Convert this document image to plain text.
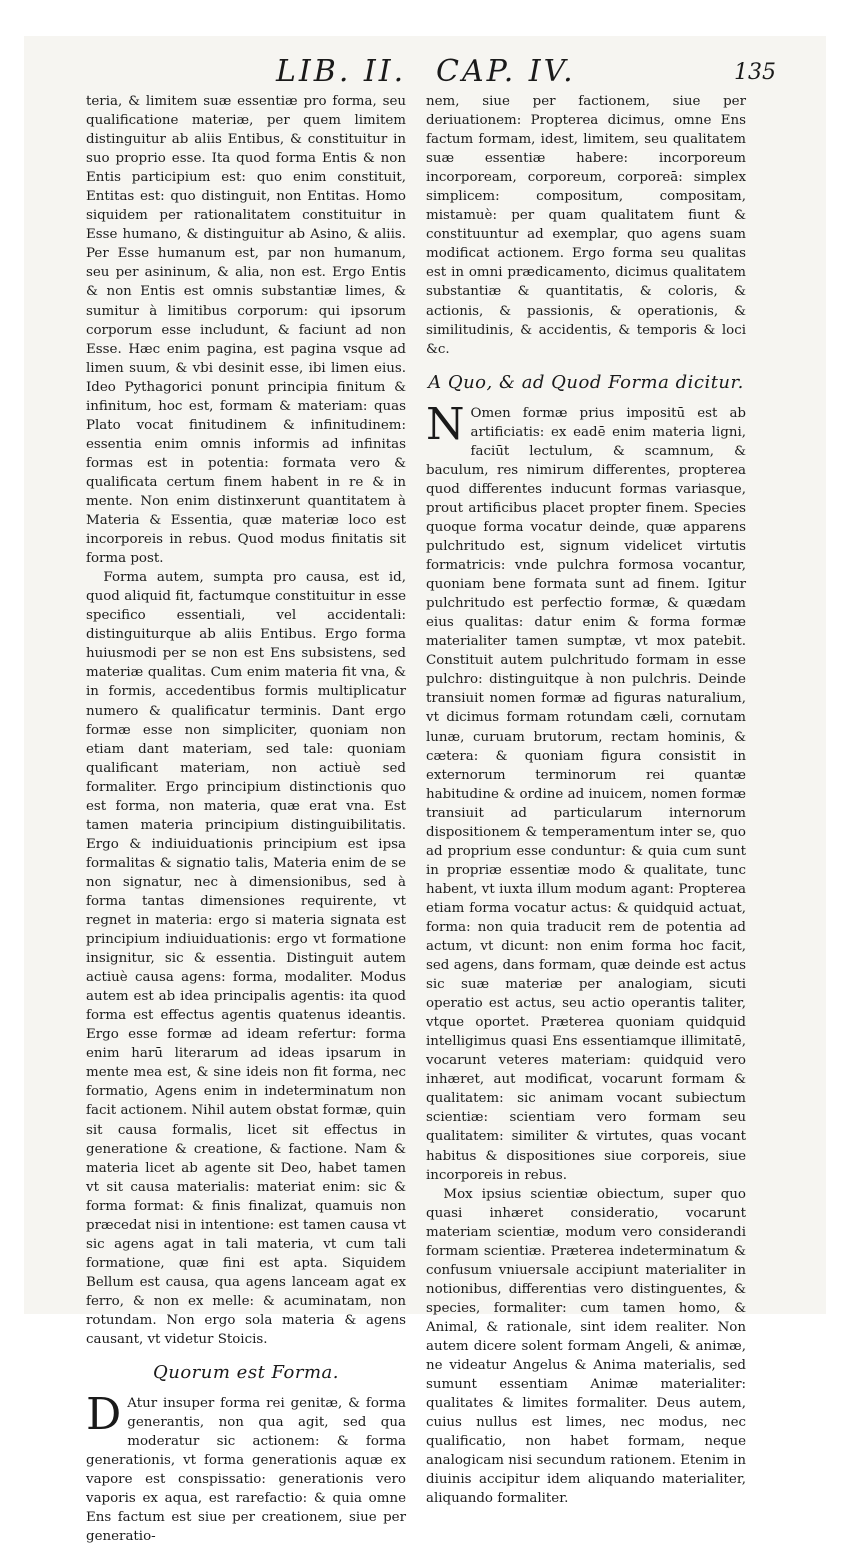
LIB. II. CAP. IV.	135

teria, & limitem suæ essentiæ pro forma, seu qualificatione materiæ, per quem limitem distinguitur ab aliis Entibus, & constituitur in suo proprio esse. Ita quod forma Entis & non Entis participium est: quo enim constituit, Entitas est: quo distinguit, non Entitas. Homo siquidem per rationalitatem constituitur in Esse humano, & distinguitur ab Asino, & aliis. Per Esse humanum est, par non humanum, seu per asininum, & alia, non est. Ergo Entis & non Entis est omnis substantiæ limes, & sumitur à limitibus corporum: qui ipsorum corporum esse includunt, & faciunt ad non Esse. Hæc enim pagina, est pagina vsque ad limen suum, & vbi desinit esse, ibi limen eius. Ideo Pythagorici ponunt principia finitum & infinitum, hoc est, formam & materiam: quas Plato vocat finitudinem & infinitudinem: essentia enim omnis informis ad infinitas formas est in potentia: formata vero & qualificata certum finem habent in re & in mente. Non enim distinxerunt quantitatem à Materia & Essentia, quæ materiæ loco est incorporeis in rebus. Quod modus finitatis sit forma post.

Forma autem, sumpta pro causa, est id, quod aliquid fit, factumque constituitur in esse specifico essentiali, vel accidentali: distinguiturque ab aliis Entibus. Ergo forma huiusmodi per se non est Ens subsistens, sed materiæ qualitas. Cum enim materia fit vna, & in formis, accedentibus formis multiplicatur numero & qualificatur terminis. Dant ergo formæ esse non simpliciter, quoniam non etiam dant materiam, sed tale: quoniam qualificant materiam, non actiuè sed formaliter. Ergo principium distinctionis quo est forma, non materia, quæ erat vna. Est tamen materia principium distinguibilitatis. Ergo & indiuiduationis principium est ipsa formalitas & signatio talis, Materia enim de se non signatur, nec à dimensionibus, sed à forma tantas dimensiones requirente, vt regnet in materia: ergo si materia signata est principium indiuiduationis: ergo vt formatione insignitur, sic & essentia. Distinguit autem actiuè causa agens: forma, modaliter. Modus autem est ab idea principalis agentis: ita quod forma est effectus agentis quatenus ideantis. Ergo esse formæ ad ideam refertur: forma enim harū literarum ad ideas ipsarum in mente mea est, & sine ideis non fit forma, nec formatio, Agens enim in indeterminatum non facit actionem. Nihil autem obstat formæ, quin sit causa formalis, licet sit effectus in generatione & creatione, & factione. Nam & materia licet ab agente sit Deo, habet tamen vt sit causa materialis: materiat enim: sic & forma format: & finis finalizat, quamuis non præcedat nisi in intentione: est tamen causa vt sic agens agat in tali materia, vt cum tali formatione, quæ fini est apta. Siquidem Bellum est causa, qua agens lanceam agat ex ferro, & non ex melle: & acuminatam, non rotundam. Non ergo sola materia & agens causant, vt videtur Stoicis.

Quorum est Forma.

D Atur insuper forma rei genitæ, & forma generantis, non qua agit, sed qua moderatur sic actionem: & forma generationis, vt forma generationis aquæ ex vapore est conspissatio: generationis vero vaporis ex aqua, est rarefactio: & quia omne Ens factum est siue per creationem, siue per generatio-

nem, siue per factionem, siue per deriuationem: Propterea dicimus, omne Ens factum formam, idest, limitem, seu qualitatem suæ essentiæ habere: incorporeum incorpoream, corporeum, corporeā: simplex simplicem: compositum, compositam, mistamuè: per quam qualitatem fiunt & constituuntur ad exemplar, quo agens suam modificat actionem. Ergo forma seu qualitas est in omni prædicamento, dicimus qualitatem substantiæ & quantitatis, & coloris, & actionis, & passionis, & operationis, & similitudinis, & accidentis, & temporis & loci &c.

A Quo, & ad Quod Forma dicitur.

N Omen formæ prius impositū est ab artificiatis: ex eadē enim materia ligni, faciūt lectulum, & scamnum, & baculum, res nimirum differentes, propterea quod differentes inducunt formas variasque, prout artificibus placet propter finem. Species quoque forma vocatur deinde, quæ apparens pulchritudo est, signum videlicet virtutis formatricis: vnde pulchra formosa vocantur, quoniam bene formata sunt ad finem. Igitur pulchritudo est perfectio formæ, & quædam eius qualitas: datur enim & forma formæ materialiter tamen sumptæ, vt mox patebit. Constituit autem pulchritudo formam in esse pulchro: distinguitque à non pulchris. Deinde transiuit nomen formæ ad figuras naturalium, vt dicimus formam rotundam cæli, cornutam lunæ, curuam brutorum, rectam hominis, & cætera: & quoniam figura consistit in externorum terminorum rei quantæ habitudine & ordine ad inuicem, nomen formæ transiuit ad particularum internorum dispositionem & temperamentum inter se, quo ad proprium esse conduntur: & quia cum sunt in propriæ essentiæ modo & qualitate, tunc habent, vt iuxta illum modum agant: Propterea etiam forma vocatur actus: & quidquid actuat, forma: non quia traducit rem de potentia ad actum, vt dicunt: non enim forma hoc facit, sed agens, dans formam, quæ deinde est actus sic suæ materiæ per analogiam, sicuti operatio est actus, seu actio operantis taliter, vtque oportet. Præterea quoniam quidquid intelligimus quasi Ens essentiamque illimitatē, vocarunt veteres materiam: quidquid vero inhæret, aut modificat, vocarunt formam & qualitatem: sic animam vocant subiectum scientiæ: scientiam vero formam seu qualitatem: similiter & virtutes, quas vocant habitus & dispositiones siue corporeis, siue incorporeis in rebus.

Mox ipsius scientiæ obiectum, super quo quasi inhæret consideratio, vocarunt materiam scientiæ, modum vero considerandi formam scientiæ. Præterea indeterminatum & confusum vniuersale accipiunt materialiter in notionibus, differentias vero distinguentes, & species, formaliter: cum tamen homo, & Animal, & rationale, sint idem realiter. Non autem dicere solent formam Angeli, & animæ, ne videatur Angelus & Anima materialis, sed sumunt essentiam Animæ materialiter: qualitates & limites formaliter. Deus autem, cuius nullus est limes, nec modus, nec qualificatio, non habet formam, neque analogicam nisi secundum rationem. Etenim in diuinis accipitur idem aliquando materialiter, aliquando formaliter.
